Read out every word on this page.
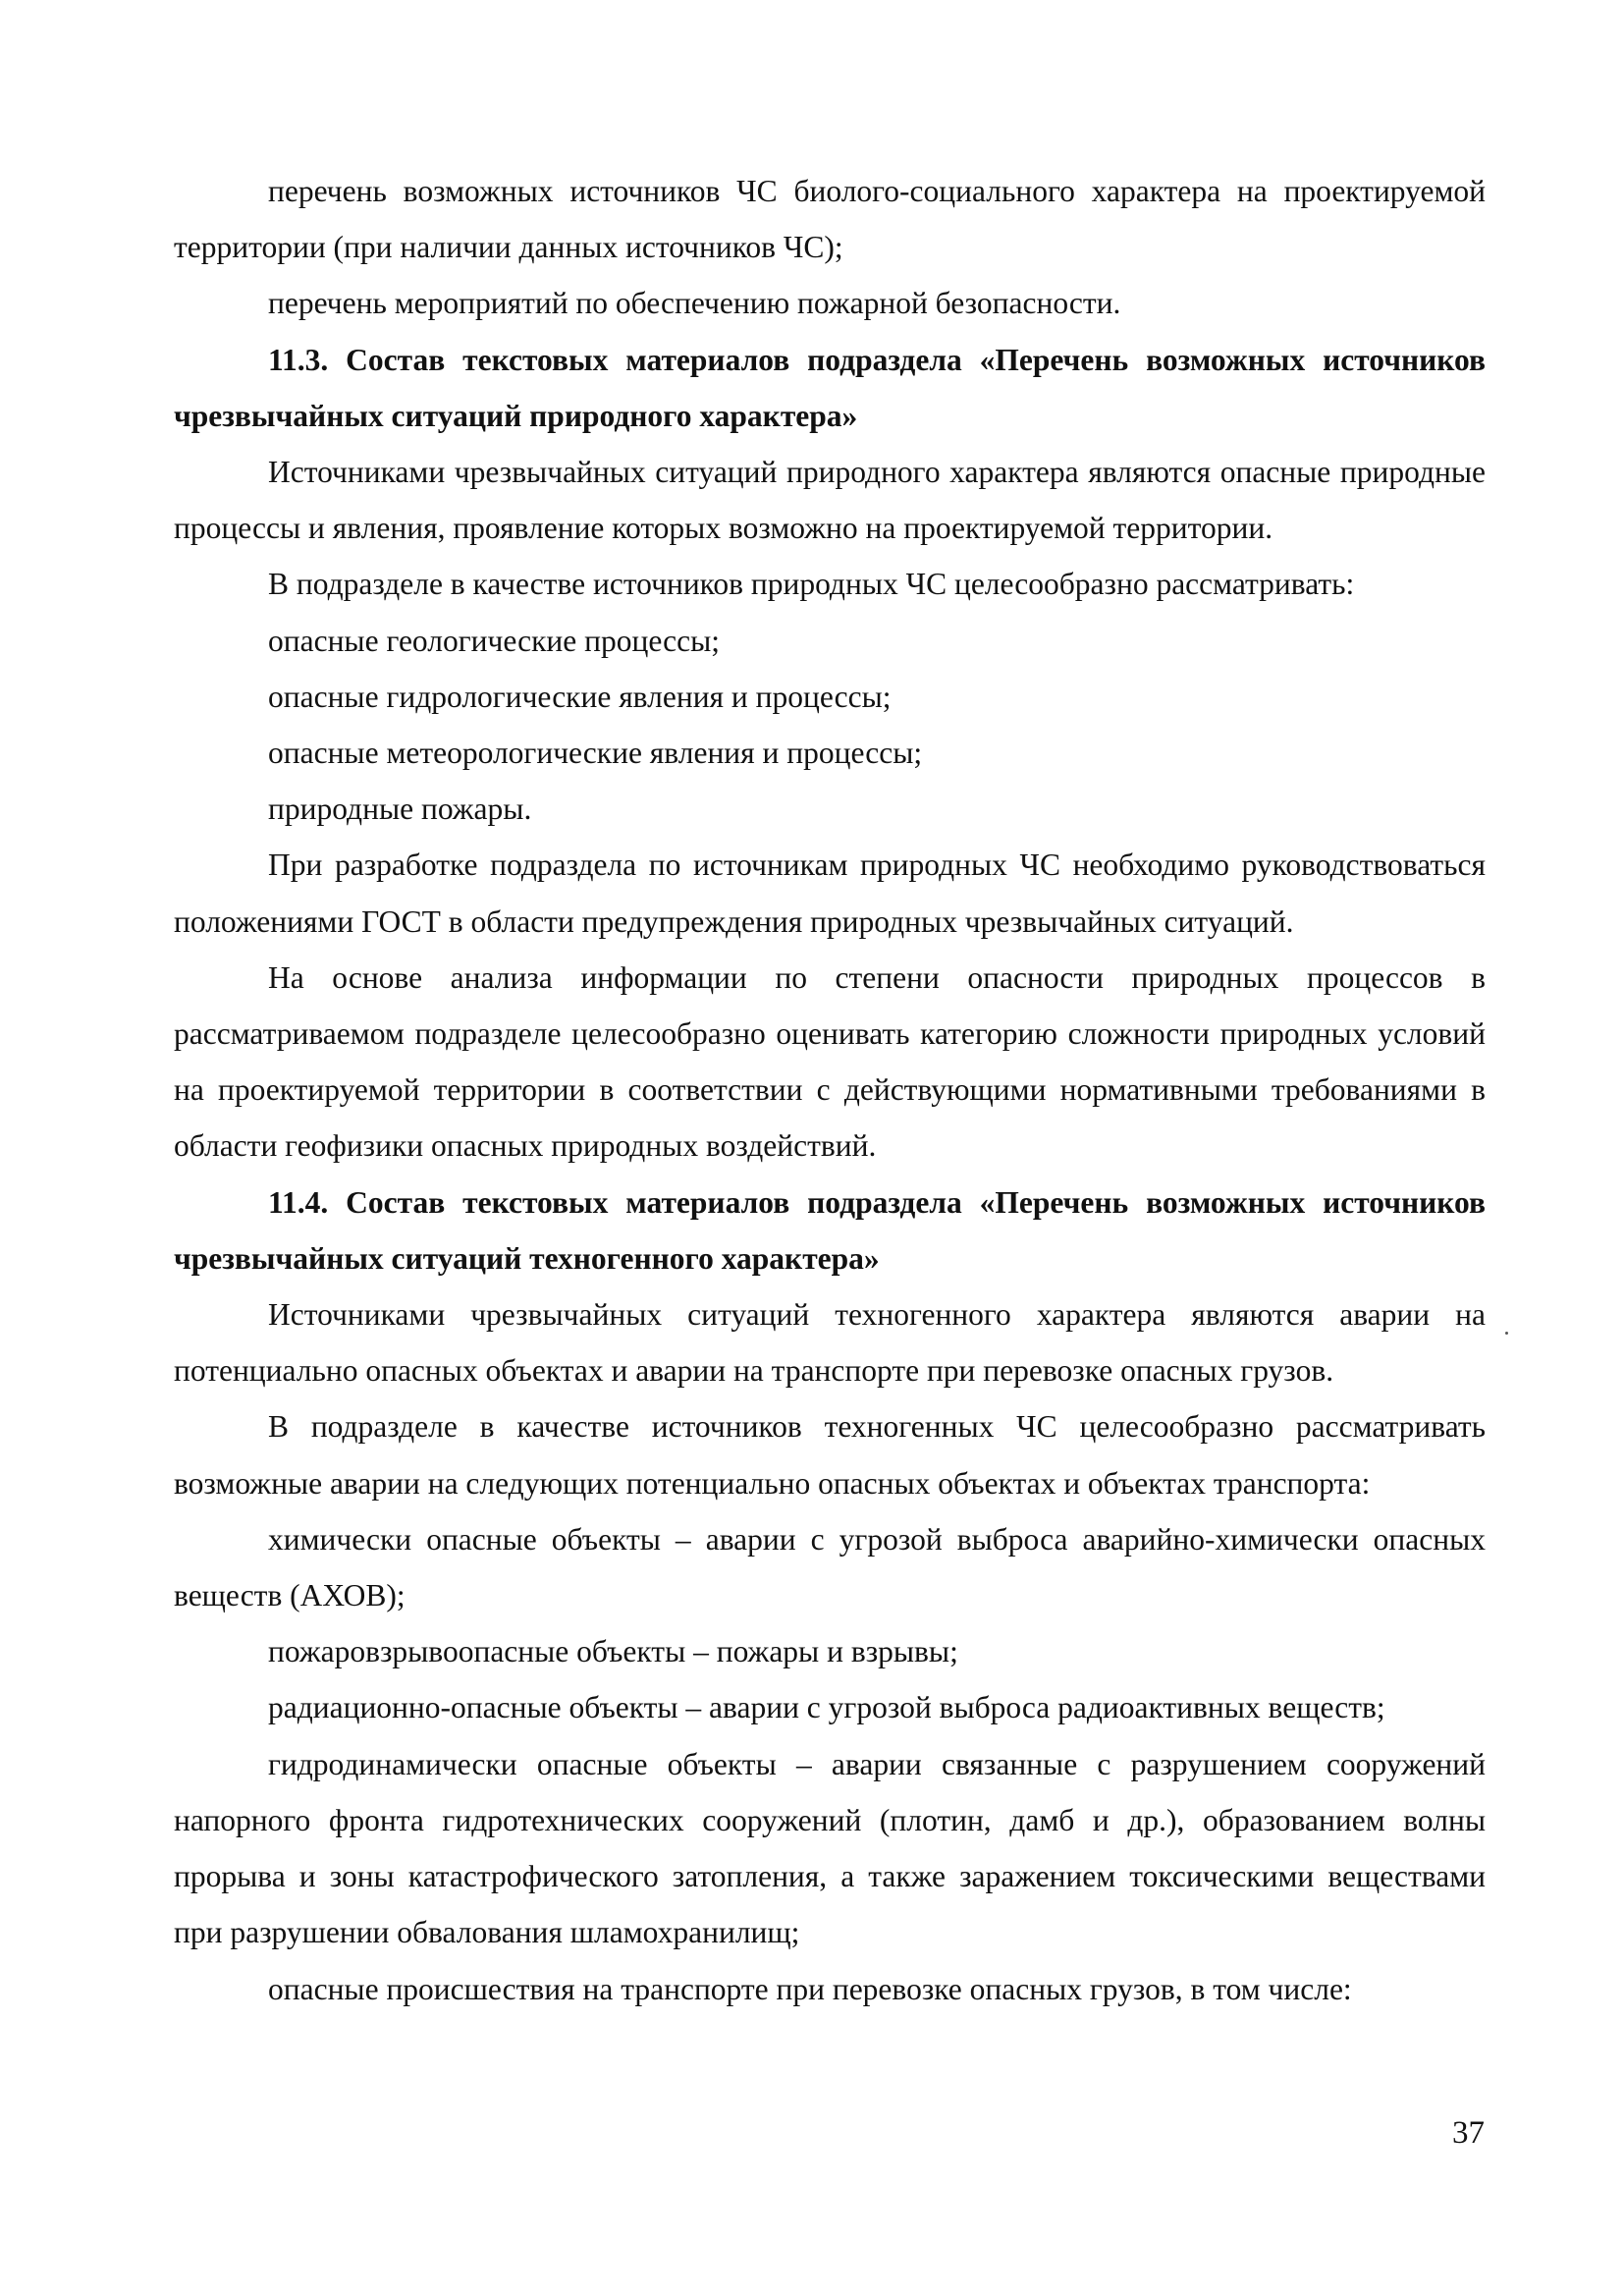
перечень возможных источников ЧС биолого-социального характера на проектируемой территории (при наличии данных источников ЧС);

перечень мероприятий по обеспечению пожарной безопасности.

11.3. Состав текстовых материалов подраздела «Перечень возможных источников чрезвычайных ситуаций природного характера»

Источниками чрезвычайных ситуаций природного характера являются опасные природные процессы и явления, проявление которых возможно на проектируемой территории.

В подразделе в качестве источников природных ЧС целесообразно рассматривать:

опасные геологические процессы;

опасные гидрологические явления и процессы;

опасные метеорологические явления и процессы;

природные пожары.

При разработке подраздела по источникам природных ЧС необходимо руководствоваться положениями ГОСТ в области предупреждения природных чрезвычайных ситуаций.

На основе анализа информации по степени опасности природных процессов в рассматриваемом подразделе целесообразно оценивать категорию сложности природных условий на проектируемой территории в соответствии с действующими нормативными требованиями в области геофизики опасных природных воздействий.

11.4. Состав текстовых материалов подраздела «Перечень возможных источников чрезвычайных ситуаций техногенного характера»

Источниками чрезвычайных ситуаций техногенного характера являются аварии на потенциально опасных объектах и аварии на транспорте при перевозке опасных грузов.

В подразделе в качестве источников техногенных ЧС целесообразно рассматривать возможные аварии на следующих потенциально опасных объектах и объектах транспорта:

химически опасные объекты – аварии с угрозой выброса аварийно-химически опасных веществ (АХОВ);

пожаровзрывоопасные объекты – пожары и взрывы;

радиационно-опасные объекты – аварии с угрозой выброса радиоактивных веществ;

гидродинамически опасные объекты – аварии связанные с разрушением сооружений напорного фронта гидротехнических сооружений (плотин, дамб и др.), образованием волны прорыва и зоны катастрофического затопления, а также заражением токсическими веществами при разрушении обвалования шламохранилищ;

опасные происшествия на транспорте при перевозке опасных грузов, в том числе:

37
